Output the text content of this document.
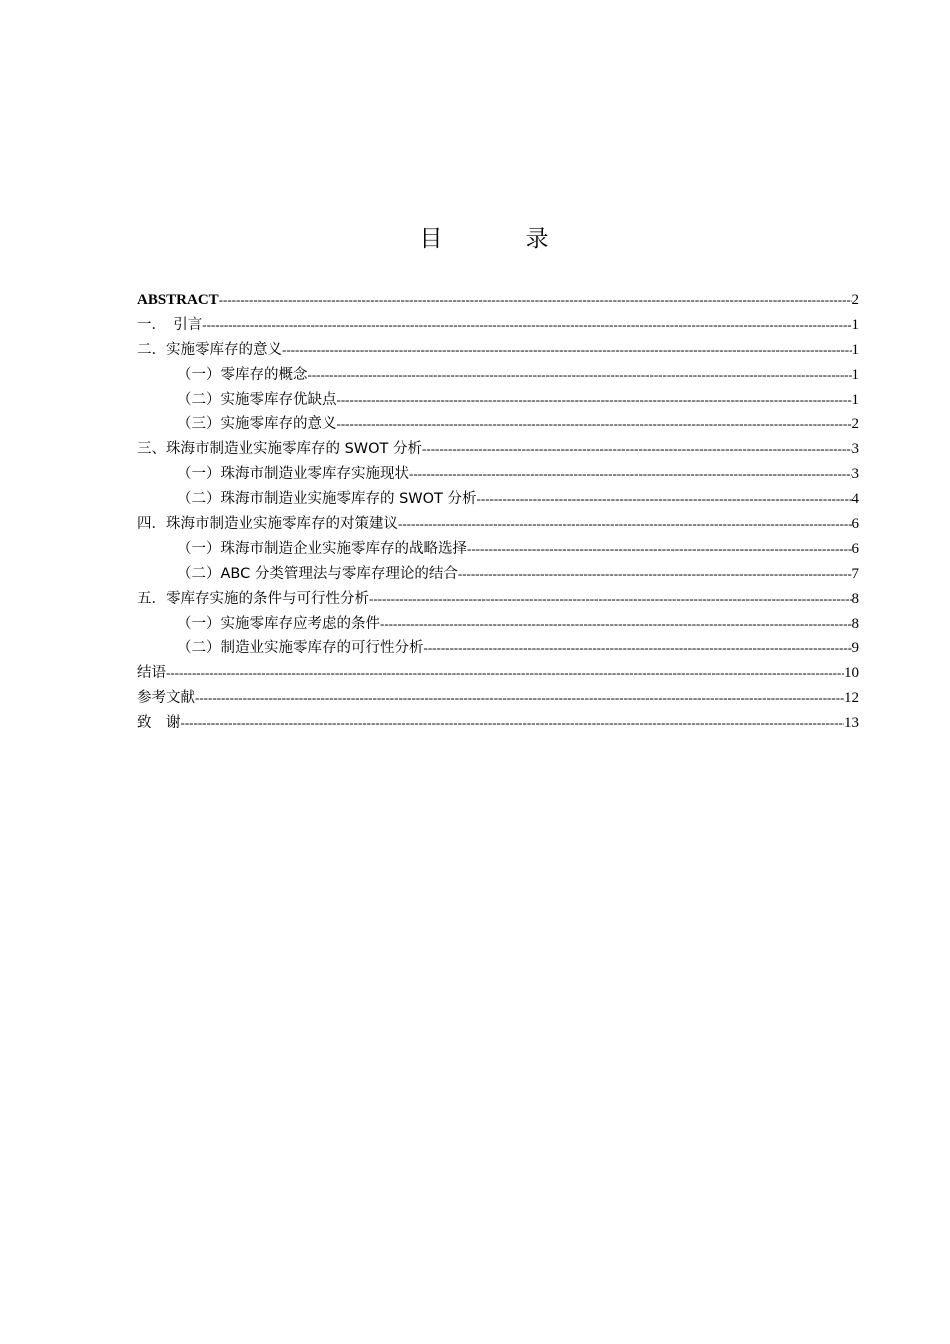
目　录
ABSTRACT -----	2
一．　引言 -----	1
二．实施零库存的意义 -----	1
（一）零库存的概念 -----	1
（二）实施零库存优缺点 -----	1
（三）实施零库存的意义 -----	2
三、珠海市制造业实施零库存的 SWOT 分析 -----	3
（一）珠海市制造业零库存实施现状 -----	3
（二）珠海市制造业实施零库存的 SWOT 分析 -----	4
四．珠海市制造业实施零库存的对策建议 -----	6
（一）珠海市制造企业实施零库存的战略选择 -----	6
（二）ABC 分类管理法与零库存理论的结合 -----	7
五．零库存实施的条件与可行性分析 -----	8
（一）实施零库存应考虑的条件 -----	8
（二）制造业实施零库存的可行性分析 -----	9
结语 -----	10
参考文献 -----	12
致　谢 -----	13
